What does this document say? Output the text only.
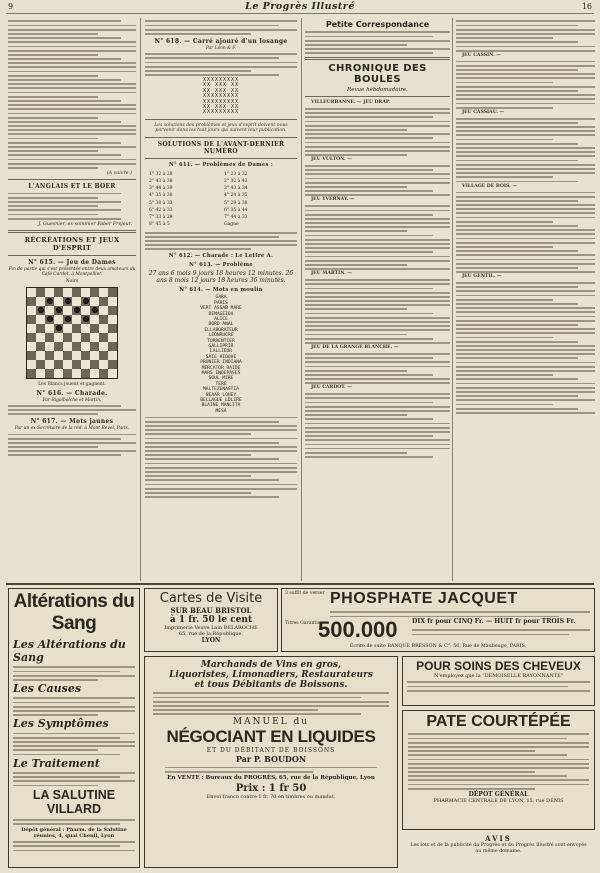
9	Le Progrès Illustré	16
(A suivre.)
L'ANGLAIS ET LE BOER
J. Guesnier, ex-sommier Faber Frejeur.
RÉCRÉATIONS ET JEUX D'ESPRIT
N° 615. — Jeu de Dames
Fin de partie qui s'est présentée entre deux amateurs du Café Cardet, à Montpellier.
Noirs
Les Blancs jouent et gagnent.
N° 616. — Charade.
Par Rigolbolche et Martin.
N° 617. — Mots jaunes
Par un ex-Secrétaire de la réd. à Mont-Revel, Paris.
N° 618. — Carré ajouré d'un losange
Par Léon & F.
XXXXXXXXX
XX XXX XX
XX XXX XX
XXXXXXXXX
XXXXXXXXX
XX XXX XX
XXXXXXXXX
Les solutions des problèmes et jeux d'esprit doivent nous parvenir dans les huit jours qui suivent leur publication.
SOLUTIONS DE L'AVANT-DERNIER NUMÉRO
N° 611. — Problèmes de Dames :
1° 32 à 28	1° 23 à 32
2° 43 à 38	2° 32 à 43
3° 44 à 39	3° 43 à 34
4° 35 à 30	4° 24 à 35
5° 38 à 33	5° 29 à 38
6° 42 à 33	6° 35 à 44
7° 33 à 29	7° 44 à 33
8° 45 à 5	Gagne
N° 612. — Charade : Le Lettre A.
N° 613. — Problème
27 ans 6 mois 9 jours 18 heures 12 minutes. 26 ans 8 mois 12 jours 18 heures 36 minutes.
N° 614. — Mots en moulin
GARA
PARIS
VERT ASSAB MARE
DEMAGEIOX
ALICE
BORD ANAL
ELLABORATEUR
LEONRUCRE
TORRENTIER
GALLIPRIR
LALLIEUR
SAIE HIOQUE
PRUNIER INDIANA
MERCATOR RAIDE
MARS ENDEPASES
SOUL MIRE
TERE
MALTEZENASTIA
NEAAR LOHEY
BELLAGUE LDLIRE
BLAINE MANLITA
MESA
Petite Correspondance
CHRONIQUE DES BOULES
Revue hebdomadaire.

VILLEURBANNE. — JEU DRAP.

JEU VULTON. —

JEU YVERNAY. —

JEU MARTIN. —

JEU DE LA GRANGE BLANCHE. —

JEU CARDOT. —

JEU CASSIN. —

JEU CASSIAU. —

VILLAGE DE BOIS. —

JEU GENTIL. —

Altérations du Sang
Les Altérations du Sang
Les Causes
Les Symptômes
Le Traitement
LA SALUTINE VILLARD
Dépôt général : Pharm. de la Salutine réunies, 4, quai Chenil, Lyon
Cartes de Visite
SUR BEAU BRISTOL
à 1 fr. 50 le cent
Imprimerie Veuve Lain BELAROCHE
65, rue de la République,
LYON
3 suffit de verser PHOSPHATE JACQUET
Titres Garantis
500.000 DIX fr pour CINQ Fr. — HUIT fr pour TROIS Fr.
Écrire de suite BANQUE BRESSON & C°, 56, Rue de Maubeuge, PARIS.
Marchands de Vins en gros,
Liquoristes, Limonadiers, Restaurateurs
et tous Débitants de Boissons.
MANUEL du
NÉGOCIANT EN LIQUIDES
ET DU DÉBITANT DE BOISSONS
Par P. BOUDON
En VENTE : Bureaux du PROGRÈS, 65, rue de la République, Lyon
Prix : 1 fr 50
Envoi franco contre 1 fr. 70 en timbres ou mandat.
POUR SOINS DES CHEVEUX
N'employez que la "DEMOISELLE RAYONNANTE"
PATE COURTÉPÉE
DÉPOT GÉNÉRAL
PHARMACIE CENTRALE DE LYON, 15, rue DENIS
AVIS
Les lots et de la publicité du Progrès et du Progrès Illustré sont envoyés au même domaine.
